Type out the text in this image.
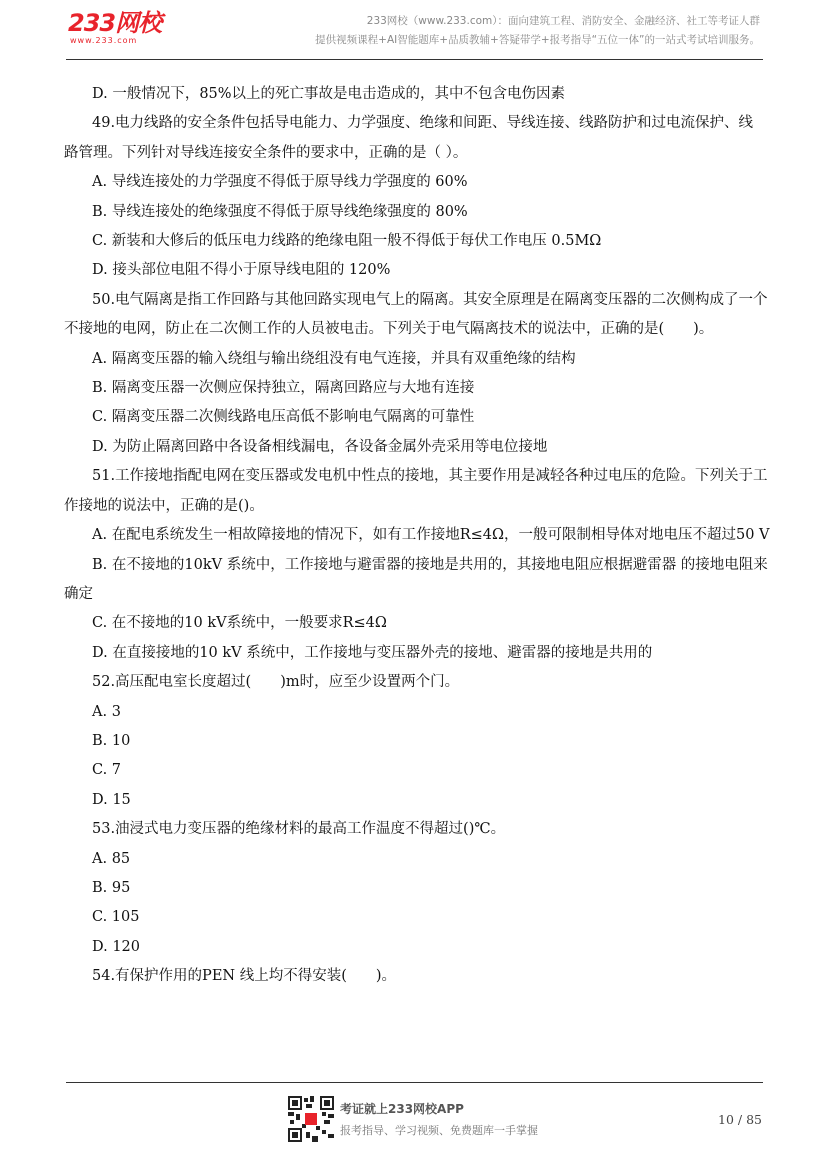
233网校
www.233.com
233网校（www.233.com）：面向建筑工程、消防安全、金融经济、社工等考证人群
提供视频课程+AI智能题库+品质教辅+答疑带学+报考指导“五位一体”的一站式考试培训服务。
D. 一般情况下，85%以上的死亡事故是电击造成的，其中不包含电伤因素
49.电力线路的安全条件包括导电能力、力学强度、绝缘和间距、导线连接、线路防护和过电流保护、线 路管理。下列针对导线连接安全条件的要求中，正确的是（ ）。
A. 导线连接处的力学强度不得低于原导线力学强度的 60%
B. 导线连接处的绝缘强度不得低于原导线绝缘强度的 80%
C. 新装和大修后的低压电力线路的绝缘电阻一般不得低于每伏工作电压 0.5MΩ
D. 接头部位电阻不得小于原导线电阻的 120%
50.电气隔离是指工作回路与其他回路实现电气上的隔离。其安全原理是在隔离变压器的二次侧构成了一个不接地的电网，防止在二次侧工作的人员被电击。下列关于电气隔离技术的说法中，正确的是(　　)。
A. 隔离变压器的输入绕组与输出绕组没有电气连接，并具有双重绝缘的结构
B. 隔离变压器一次侧应保持独立，隔离回路应与大地有连接
C. 隔离变压器二次侧线路电压高低不影响电气隔离的可靠性
D. 为防止隔离回路中各设备相线漏电，各设备金属外壳采用等电位接地
51.工作接地指配电网在变压器或发电机中性点的接地，其主要作用是减轻各种过电压的危险。下列关于工作接地的说法中，正确的是()。
A. 在配电系统发生一相故障接地的情况下，如有工作接地R≤4Ω，一般可限制相导体对地电压不超过50 V
B. 在不接地的10kV 系统中，工作接地与避雷器的接地是共用的，其接地电阻应根据避雷器 的接地电阻来确定
C. 在不接地的10 kV系统中，一般要求R≤4Ω
D. 在直接接地的10 kV 系统中，工作接地与变压器外壳的接地、避雷器的接地是共用的
52.高压配电室长度超过(　　)m时，应至少设置两个门。
A. 3
B. 10
C. 7
D. 15
53.油浸式电力变压器的绝缘材料的最高工作温度不得超过()℃。
A. 85
B. 95
C. 105
D. 120
54.有保护作用的PEN 线上均不得安装(　　)。
考证就上233网校APP
报考指导、学习视频、免费题库一手掌握
10 / 85
